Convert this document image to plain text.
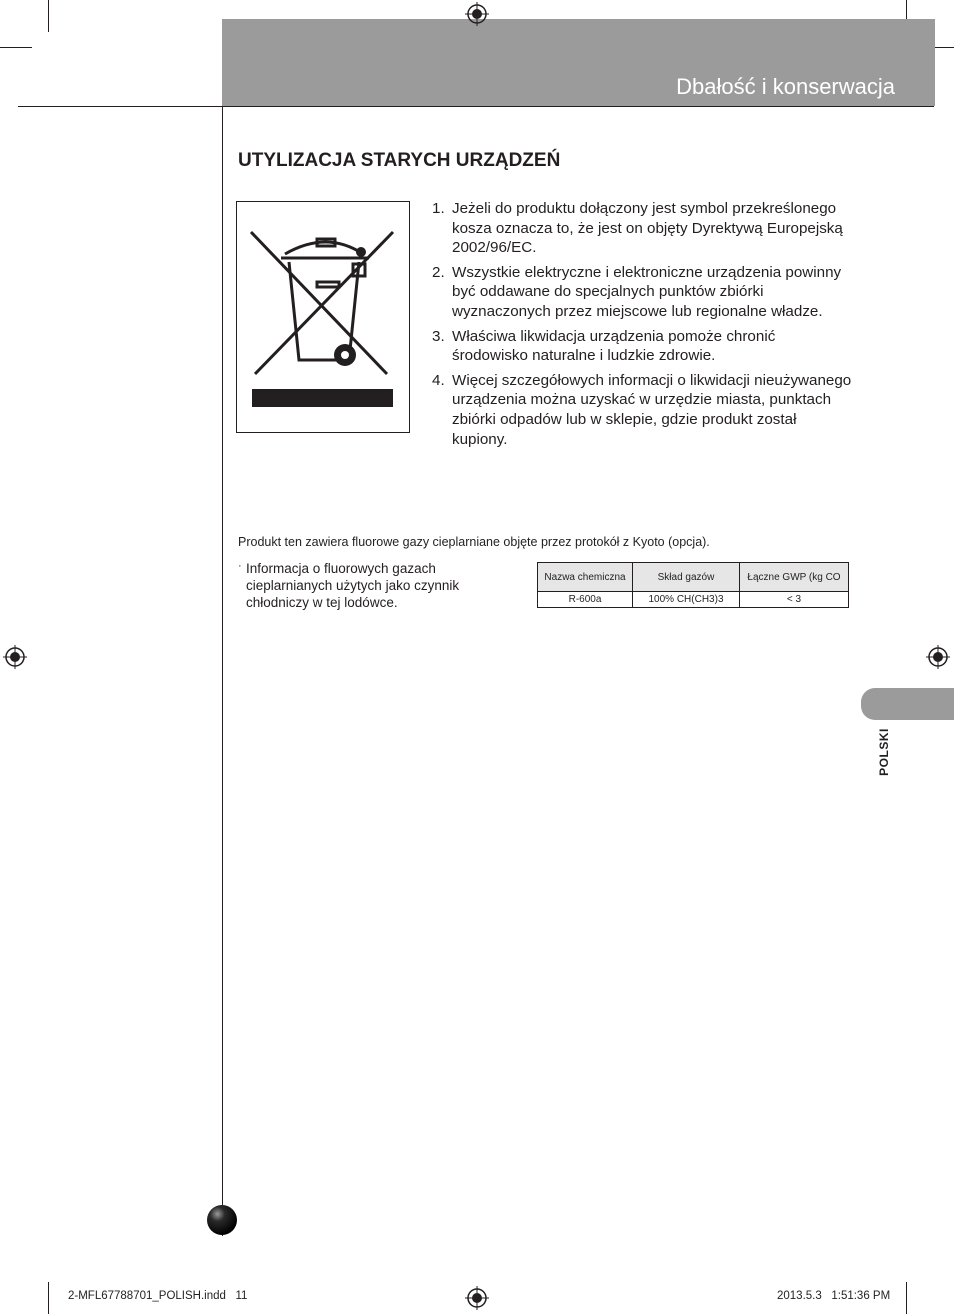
Dbałość i konserwacja
UTYLIZACJA STARYCH URZĄDZEŃ
1. Jeżeli do produktu dołączony jest symbol przekreślonego kosza oznacza to, że jest on objęty Dyrektywą Europejską 2002/96/EC.
2. Wszystkie elektryczne i elektroniczne urządzenia powinny być oddawane do specjalnych punktów zbiórki wyznaczonych przez miejscowe lub regionalne władze.
3. Właściwa likwidacja urządzenia pomoże chronić środowisko naturalne i ludzkie zdrowie.
4. Więcej szczegółowych informacji o likwidacji nieużywanego urządzenia można uzyskać w urzędzie miasta, punktach zbiórki odpadów lub w sklepie, gdzie produkt został kupiony.
Produkt ten zawiera fluorowe gazy cieplarniane objęte przez protokół z Kyoto (opcja).
· Informacja o fluorowych gazach cieplarnianych użytych jako czynnik chłodniczy w tej lodówce.
Nazwa chemiczna	Skład gazów	Łączne GWP (kg CO
R-600a	100% CH(CH3)3	< 3
POLSKI
2-MFL67788701_POLISH.indd   11	2013.5.3   1:51:36 PM
